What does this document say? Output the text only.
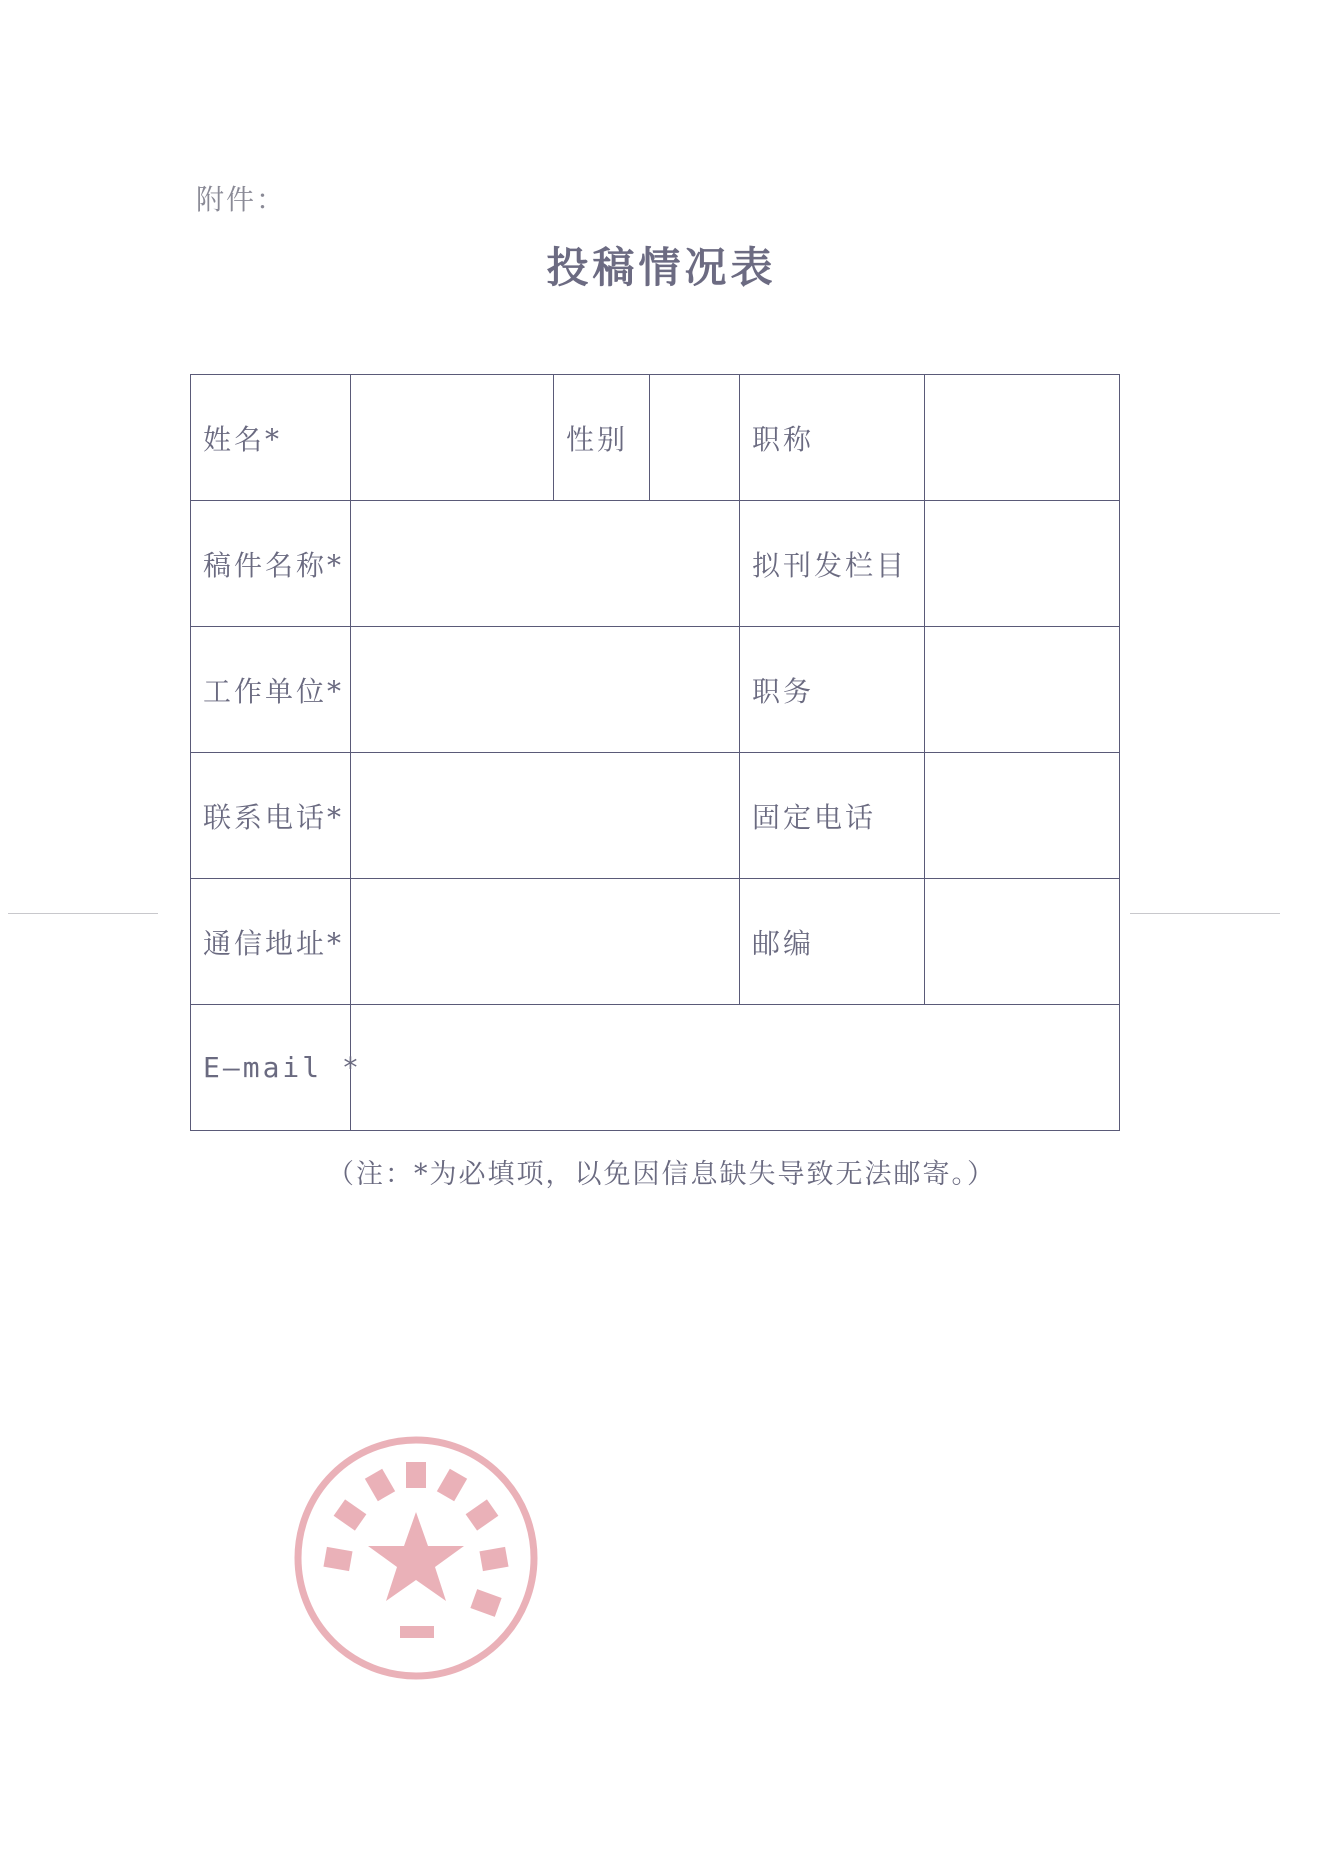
附件：
投稿情况表
姓名*		性别		职称	
稿件名称*				拟刊发栏目	
工作单位*				职务	
联系电话*				固定电话	
通信地址*				邮编	
E—mail *					
（注：*为必填项，以免因信息缺失导致无法邮寄。）
